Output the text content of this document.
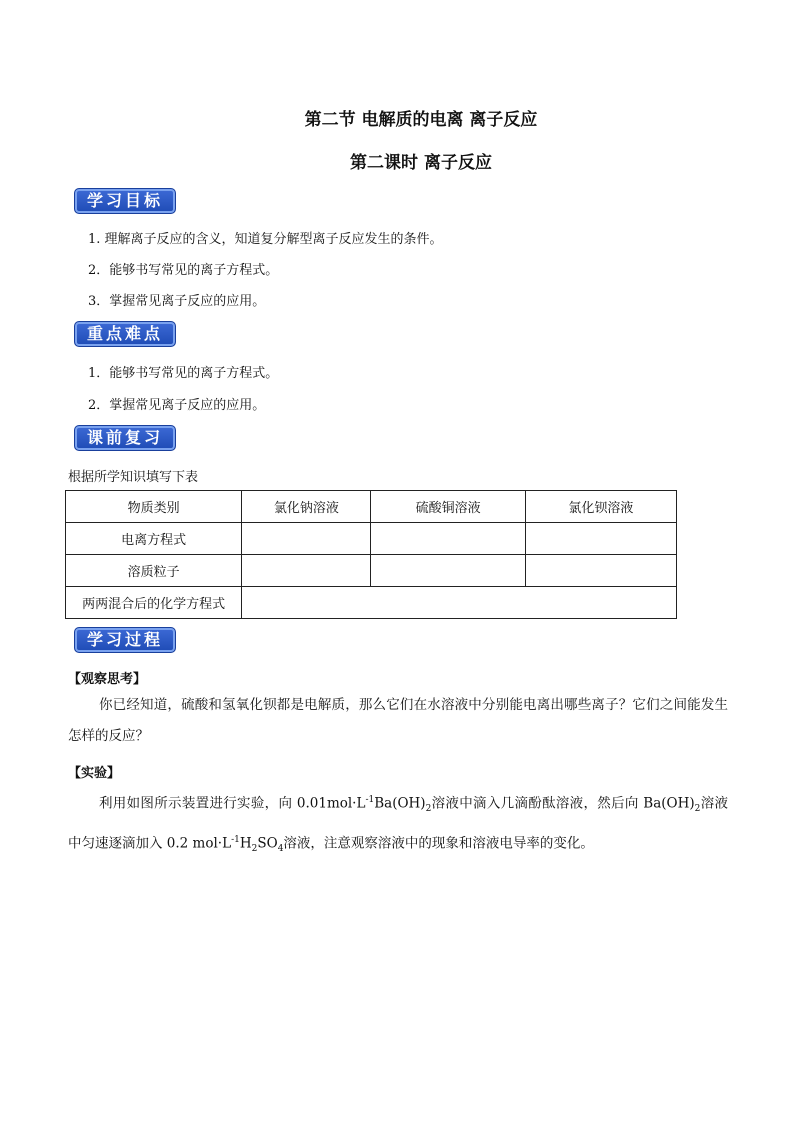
第二节 电解质的电离 离子反应
第二课时 离子反应
学习目标
1. 理解离子反应的含义，知道复分解型离子反应发生的条件。
2．能够书写常见的离子方程式。
3．掌握常见离子反应的应用。
重点难点
1．能够书写常见的离子方程式。
2．掌握常见离子反应的应用。
课前复习
根据所学知识填写下表
物质类别	氯化钠溶液	硫酸铜溶液	氯化钡溶液
电离方程式			
溶质粒子			
两两混合后的化学方程式			
学习过程
【观察思考】
你已经知道，硫酸和氢氧化钡都是电解质，那么它们在水溶液中分别能电离出哪些离子？它们之间能发生怎样的反应？
【实验】
利用如图所示装置进行实验，向 $0.01mol\cdot L^{-1}Ba(OH)_2$溶液中滴入几滴酚酞溶液，然后向 $Ba(OH)_2$溶液中匀速逐滴加入 0.2 $mol\cdot L^{-1}H_2SO_4$溶液，注意观察溶液中的现象和溶液电导率的变化。
